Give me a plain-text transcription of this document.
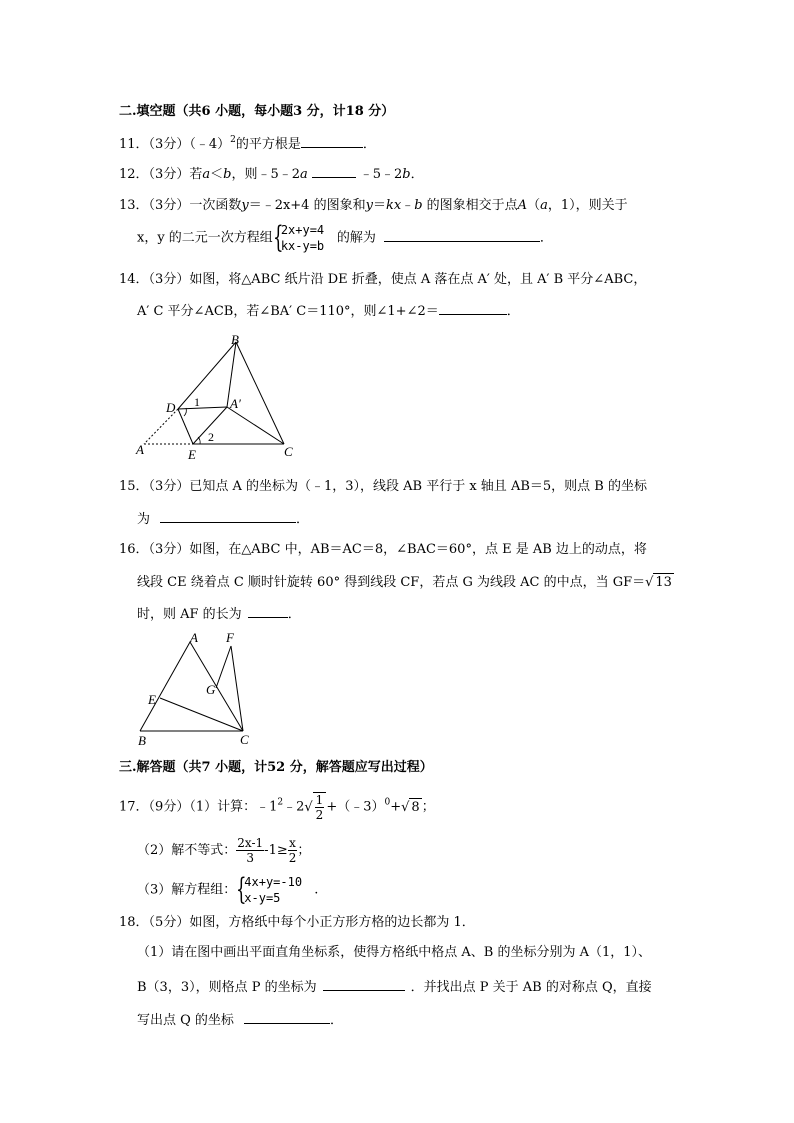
二.填空题（共6 小题，每小题3 分，计18 分）
11．（3分）（﹣4）$^2$的平方根是	．
12．（3分）若a＜b，则﹣5﹣2a	﹣5﹣2b．
13．（3分）一次函数y＝﹣2x+4 的图象和y＝kx﹣b 的图象相交于点A（a，1），则关于
x，y 的二元一次方程组 {
2x+y=4
kx-y=b
的解为	．
14．（3分）如图，将△ABC 纸片沿 DE 折叠，使点 A 落在点 A′ 处，且 A′ B 平分∠ABC，
A′ C 平分∠ACB，若∠BA′ C＝110°，则∠1+∠2＝	．
B
D	A′
A	E	C
1
2
15．（3分）已知点 A 的坐标为（﹣1，3），线段 AB 平行于 x 轴且 AB＝5，则点 B 的坐标
为	．
16．（3分）如图，在△ABC 中，AB＝AC＝8，∠BAC＝60°，点 E 是 AB 边上的动点，将
线段 CE 绕着点 C 顺时针旋转 60° 得到线段 CF，若点 G 为线段 AC 的中点，当 GF＝√ 13
时，则 AF 的长为	．
A F
G
E
B	C
三.解答题（共7 小题，计52 分，解答题应写出过程）
17．（9分）（1）计算：$﹣1^2﹣2√ \frac{1}{2}$ +（﹣3）$^0$+√ 8 ；
（2）解不等式： $\frac{2x-1}{3} -1\ge \frac{x}{2}$ ；
（3）解方程组： {
4x+y=-10
x-y=5
.
18．（5分）如图，方格纸中每个小正方形方格的边长都为 1．
（1）请在图中画出平面直角坐标系，使得方格纸中格点 A、B 的坐标分别为 A（1，1）、
B（3，3），则格点 P 的坐标为	．并找出点 P 关于 AB 的对称点 Q，直接
写出点 Q 的坐标	．
